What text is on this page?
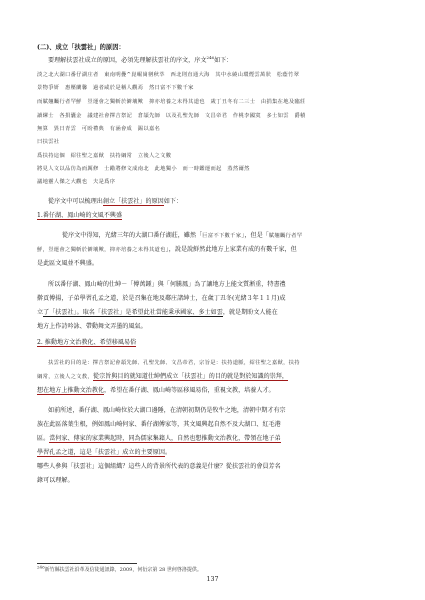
(二)、成立「扶雲社」的原因：
要理解扶雲社成立的原因，必須先理解扶雲社的序文，序文$^{246}$如下：
淡之北大湖口番仔湖庄者　東南明疊^崑崛崗巒秋萃　西北則直通大海　其中水繞山環煙雲萬狀　松蔭竹翠
景物爭妍　惠壓蘭馨　過者咸於是稱人觀焉　然日富不下數千家
而賦翹矚行者罕鮮　豈運會之獨斬於僻壤歟　抑亦培養之未得其道也　歲丁丑冬有二三士　由捐集在地及臨莊
讀縲士　各捐囊金　議建社會擇吉祭記　倉頡先師　以及孔聖先師　文昌帝君　作桃李國寞　多士如雲　爵積
無算　異日青雲　可盼禮典　有涵會成　錫以嘉名
曰扶雲社
爲扶持這個　紹往聖之嘉猷　扶持綱常　立後人之文數
將見人文以品彷為而厲修　士勵將修文成南北　此地獨小　而一時鑑運而起　蒸然爾然
議地靈人傑之大觀也　夫是爲序
從序文中可以梳理出創立「扶雲社」的原因如下：
1.番仔湖、鳳山崎的文風不興盛
從序文中得知，光緒三年的大湖口番仔湖莊，雖然「巨富不下數千家」，但是「賦翹矚行者罕
鮮，豈運會之獨斬於僻壤歟，抑亦培養之未得其道也」，說是說鮮然此地方上家業有成的有數千家，但
是此區文風並不興盛。
所以番仔湖、鳳山崎的仕紳－「傅萬鍾」與「何騰鳳」為了讓地方上能文質淅重，特書禮
擀貢傅揚，子弟學習孔孟之道，於是召集在地及鄰庄諸紳士，在歲丁丑冬(光緒３年１１月)成
立了「扶雲社」。取名「扶雲社」是希望此社當能秉承國家、多士如雲，就是期盼文人能在
地方上作詩吟詠、帶動舞文弄墨的風氣。
2. 推動地方文治教化、希望移風易俗
扶雲社的目的是：擇吉祭記會頡先師、孔聖先師、文昌帝君，宗旨是：扶持道脈，紹往聖之嘉猷，扶持
綱常，立後人之文教，從宗旨與目的就知道仕紳們成立「扶雲社」的目的就是對於知識的崇拜，
想在地方上推動文治教化，希望在番仔湖、鳳山崎等區移風易俗，重視文教，培養人才。
如前所述，番仔湖、鳳山崎位於大湖口邊陲，在清朝初期仍是牧牛之地，清朝中期才有宗
族在此區落葉生根，例如鳳山崎何家、番仔湖傅家等，其文風興起自然不及大湖口、紅毛港
區。當何家、傳家的家業興起時，同為儒家集籍人，自然也想推動文治教化，帶領在地子弟
學習孔孟之道，這是「扶雲社」成立的主要原因。
哪些人參與「扶雲社」這個組織？這些人的背景所代表的意義是什麼？從扶雲社的會員芳名
錄可以理解。
$^{246}$新竹縣扶雲社沿革及信徒通訊錄，2009，何衍宗第 28 世何啓洛提供。
137
